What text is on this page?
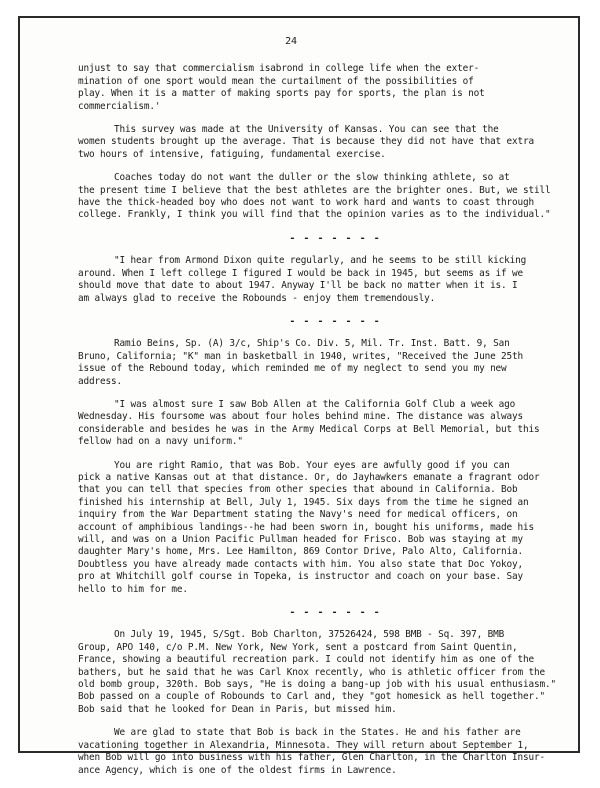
24
unjust to say that commercialism isabrond in college life when the exter-
mination of one sport would mean the curtailment of the possibilities of
play. When it is a matter of making sports pay for sports, the plan is not
commercialism.'
This survey was made at the University of Kansas. You can see that the
women students brought up the average. That is because they did not have that extra
two hours of intensive, fatiguing, fundamental exercise.
Coaches today do not want the duller or the slow thinking athlete, so at
the present time I believe that the best athletes are the brighter ones. But, we still
have the thick-headed boy who does not want to work hard and wants to coast through
college. Frankly, I think you will find that the opinion varies as to the individual."
- - - - - - -
"I hear from Armond Dixon quite regularly, and he seems to be still kicking
around. When I left college I figured I would be back in 1945, but seems as if we
should move that date to about 1947. Anyway I'll be back no matter when it is. I
am always glad to receive the Robounds - enjoy them tremendously.
- - - - - - -
Ramio Beins, Sp. (A) 3/c, Ship's Co. Div. 5, Mil. Tr. Inst. Batt. 9, San
Bruno, California; "K" man in basketball in 1940, writes, "Received the June 25th
issue of the Rebound today, which reminded me of my neglect to send you my new
address.
"I was almost sure I saw Bob Allen at the California Golf Club a week ago
Wednesday. His foursome was about four holes behind mine. The distance was always
considerable and besides he was in the Army Medical Corps at Bell Memorial, but this
fellow had on a navy uniform."
You are right Ramio, that was Bob. Your eyes are awfully good if you can
pick a native Kansas out at that distance. Or, do Jayhawkers emanate a fragrant odor
that you can tell that species from other species that abound in California. Bob
finished his internship at Bell, July 1, 1945. Six days from the time he signed an
inquiry from the War Department stating the Navy's need for medical officers, on
account of amphibious landings--he had been sworn in, bought his uniforms, made his
will, and was on a Union Pacific Pullman headed for Frisco. Bob was staying at my
daughter Mary's home, Mrs. Lee Hamilton, 869 Contor Drive, Palo Alto, California.
Doubtless you have already made contacts with him. You also state that Doc Yokoy,
pro at Whitchill golf course in Topeka, is instructor and coach on your base. Say
hello to him for me.
- - - - - - -
On July 19, 1945, S/Sgt. Bob Charlton, 37526424, 598 BMB - Sq. 397, BMB
Group, APO 140, c/o P.M. New York, New York, sent a postcard from Saint Quentin,
France, showing a beautiful recreation park. I could not identify him as one of the
bathers, but he said that he was Carl Knox recently, who is athletic officer from the
old bomb group, 320th. Bob says, "He is doing a bang-up job with his usual enthusiasm."
Bob passed on a couple of Robounds to Carl and, they "got homesick as hell together."
Bob said that he looked for Dean in Paris, but missed him.
We are glad to state that Bob is back in the States. He and his father are
vacationing together in Alexandria, Minnesota. They will return about September 1,
when Bob will go into business with his father, Glen Charlton, in the Charlton Insur-
ance Agency, which is one of the oldest firms in Lawrence.
